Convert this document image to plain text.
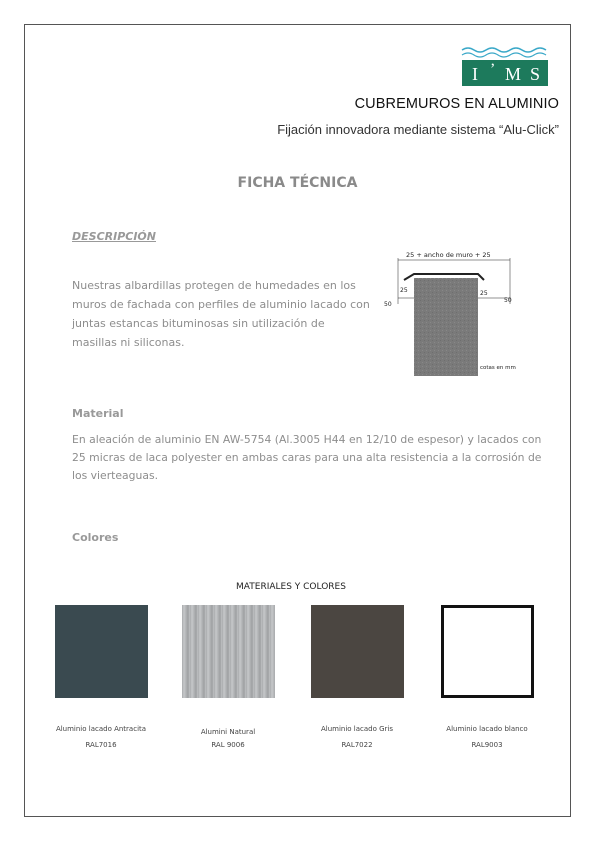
I ’ M S
CUBREMUROS EN ALUMINIO
Fijación innovadora mediante sistema “Alu-Click”
FICHA TÉCNICA
DESCRIPCIÓN
Nuestras albardillas protegen de humedades en los muros de fachada con perfiles de aluminio lacado con juntas estancas bituminosas sin utilización de masillas ni siliconas.
25 + ancho de muro + 25
25	25
50
50
cotas en mm
Material
En aleación de aluminio EN AW-5754 (Al.3005 H44 en 12/10 de espesor) y lacados con 25 micras de laca polyester en ambas caras para una alta resistencia a la corrosión de los vierteaguas.
Colores
MATERIALES Y COLORES
Aluminio lacado Antracita
RAL7016
Alumini Natural
RAL 9006
Aluminio lacado Gris
RAL7022
Aluminio lacado blanco
RAL9003
